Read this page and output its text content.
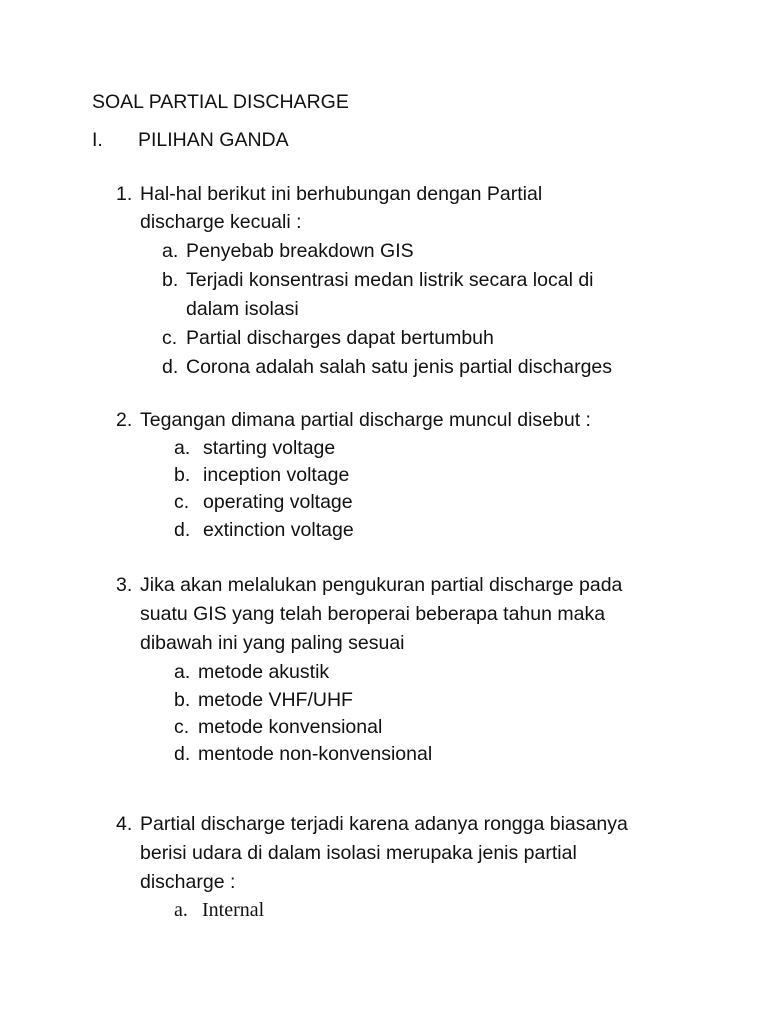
SOAL PARTIAL DISCHARGE
I. PILIHAN GANDA
1. Hal-hal berikut ini berhubungan dengan Partial
discharge kecuali :
a. Penyebab breakdown GIS
b. Terjadi konsentrasi medan listrik secara local di
dalam isolasi
c. Partial discharges dapat bertumbuh
d. Corona adalah salah satu jenis partial discharges
2. Tegangan dimana partial discharge muncul disebut :
a. starting voltage
b. inception voltage
c. operating voltage
d. extinction voltage
3. Jika akan melalukan pengukuran partial discharge pada
suatu GIS yang telah beroperai beberapa tahun maka
dibawah ini yang paling sesuai
a. metode akustik
b. metode VHF/UHF
c. metode konvensional
d. mentode non-konvensional
4. Partial discharge terjadi karena adanya rongga biasanya
berisi udara di dalam isolasi merupaka jenis partial
discharge :
a. Internal
